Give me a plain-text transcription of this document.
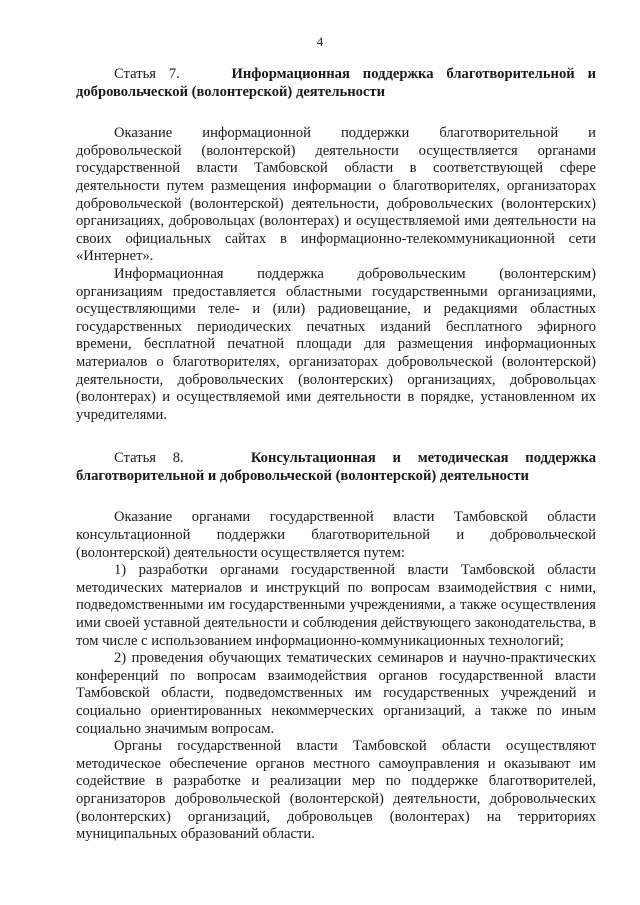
4

Статья 7.    Информационная поддержка благотворительной и добровольческой (волонтерской) деятельности

Оказание информационной поддержки благотворительной и добровольческой (волонтерской) деятельности осуществляется органами государственной власти Тамбовской области в соответствующей сфере деятельности путем размещения информации о благотворителях, организаторах добровольческой (волонтерской) деятельности, добровольческих (волонтерских) организациях, добровольцах (волонтерах) и осуществляемой ими деятельности на своих официальных сайтах в информационно-телекоммуникационной сети «Интернет».

Информационная поддержка добровольческим (волонтерским) организациям предоставляется областными государственными организациями, осуществляющими теле- и (или) радиовещание, и редакциями областных государственных периодических печатных изданий бесплатного эфирного времени, бесплатной печатной площади для размещения информационных материалов о благотворителях, организаторах добровольческой (волонтерской) деятельности, добровольческих (волонтерских) организациях, добровольцах (волонтерах) и осуществляемой ими деятельности в порядке, установленном их учредителями.

Статья 8.    Консультационная и методическая поддержка благотворительной и добровольческой (волонтерской) деятельности

Оказание органами государственной власти Тамбовской области консультационной поддержки благотворительной и добровольческой (волонтерской) деятельности осуществляется путем:

1) разработки органами государственной власти Тамбовской области методических материалов и инструкций по вопросам взаимодействия с ними, подведомственными им государственными учреждениями, а также осуществления ими своей уставной деятельности и соблюдения действующего законодательства, в том числе с использованием информационно-коммуникационных технологий;

2) проведения обучающих тематических семинаров и научно-практических конференций по вопросам взаимодействия органов государственной власти Тамбовской области, подведомственных им государственных учреждений и социально ориентированных некоммерческих организаций, а также по иным социально значимым вопросам.

Органы государственной власти Тамбовской области осуществляют методическое обеспечение органов местного самоуправления и оказывают им содействие в разработке и реализации мер по поддержке благотворителей, организаторов добровольческой (волонтерской) деятельности, добровольческих (волонтерских) организаций, добровольцев (волонтерах) на территориях муниципальных образований области.
